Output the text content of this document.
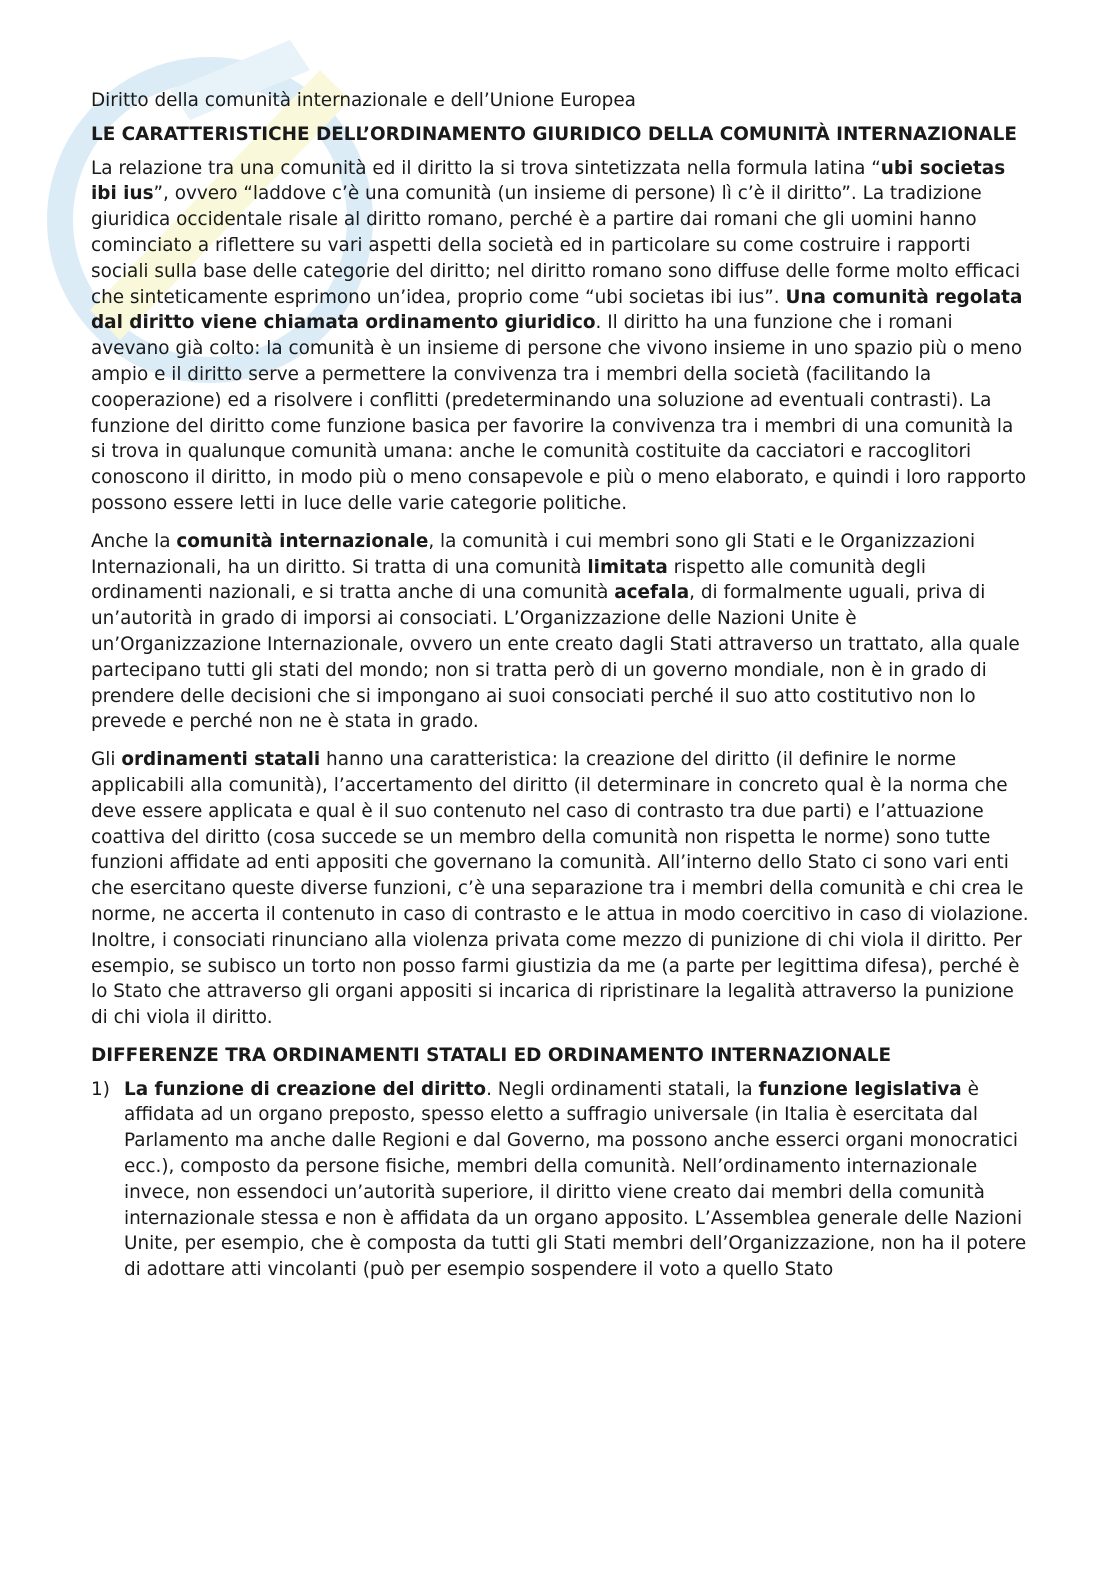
Diritto della comunità internazionale e dell’Unione Europea
LE CARATTERISTICHE DELL’ORDINAMENTO GIURIDICO DELLA COMUNITÀ INTERNAZIONALE

La relazione tra una comunità ed il diritto la si trova sintetizzata nella formula latina “ubi societas ibi ius”, ovvero “laddove c’è una comunità (un insieme di persone) lì c’è il diritto”. La tradizione giuridica occidentale risale al diritto romano, perché è a partire dai romani che gli uomini hanno cominciato a riflettere su vari aspetti della società ed in particolare su come costruire i rapporti sociali sulla base delle categorie del diritto; nel diritto romano sono diffuse delle forme molto efficaci che sinteticamente esprimono un’idea, proprio come “ubi societas ibi ius”. Una comunità regolata dal diritto viene chiamata ordinamento giuridico. Il diritto ha una funzione che i romani avevano già colto: la comunità è un insieme di persone che vivono insieme in uno spazio più o meno ampio e il diritto serve a permettere la convivenza tra i membri della società (facilitando la cooperazione) ed a risolvere i conflitti (predeterminando una soluzione ad eventuali contrasti). La funzione del diritto come funzione basica per favorire la convivenza tra i membri di una comunità la si trova in qualunque comunità umana: anche le comunità costituite da cacciatori e raccoglitori conoscono il diritto, in modo più o meno consapevole e più o meno elaborato, e quindi i loro rapporto possono essere letti in luce delle varie categorie politiche.

Anche la comunità internazionale, la comunità i cui membri sono gli Stati e le Organizzazioni Internazionali, ha un diritto. Si tratta di una comunità limitata rispetto alle comunità degli ordinamenti nazionali, e si tratta anche di una comunità acefala, di formalmente uguali, priva di un’autorità in grado di imporsi ai consociati. L’Organizzazione delle Nazioni Unite è un’Organizzazione Internazionale, ovvero un ente creato dagli Stati attraverso un trattato, alla quale partecipano tutti gli stati del mondo; non si tratta però di un governo mondiale, non è in grado di prendere delle decisioni che si impongano ai suoi consociati perché il suo atto costitutivo non lo prevede e perché non ne è stata in grado.

Gli ordinamenti statali hanno una caratteristica: la creazione del diritto (il definire le norme applicabili alla comunità), l’accertamento del diritto (il determinare in concreto qual è la norma che deve essere applicata e qual è il suo contenuto nel caso di contrasto tra due parti) e l’attuazione coattiva del diritto (cosa succede se un membro della comunità non rispetta le norme) sono tutte funzioni affidate ad enti appositi che governano la comunità. All’interno dello Stato ci sono vari enti che esercitano queste diverse funzioni, c’è una separazione tra i membri della comunità e chi crea le norme, ne accerta il contenuto in caso di contrasto e le attua in modo coercitivo in caso di violazione. Inoltre, i consociati rinunciano alla violenza privata come mezzo di punizione di chi viola il diritto. Per esempio, se subisco un torto non posso farmi giustizia da me (a parte per legittima difesa), perché è lo Stato che attraverso gli organi appositi si incarica di ripristinare la legalità attraverso la punizione di chi viola il diritto.

DIFFERENZE TRA ORDINAMENTI STATALI ED ORDINAMENTO INTERNAZIONALE
1) La funzione di creazione del diritto. Negli ordinamenti statali, la funzione legislativa è affidata ad un organo preposto, spesso eletto a suffragio universale (in Italia è esercitata dal Parlamento ma anche dalle Regioni e dal Governo, ma possono anche esserci organi monocratici ecc.), composto da persone fisiche, membri della comunità. Nell’ordinamento internazionale invece, non essendoci un’autorità superiore, il diritto viene creato dai membri della comunità internazionale stessa e non è affidata da un organo apposito. L’Assemblea generale delle Nazioni Unite, per esempio, che è composta da tutti gli Stati membri dell’Organizzazione, non ha il potere di adottare atti vincolanti (può per esempio sospendere il voto a quello Stato
